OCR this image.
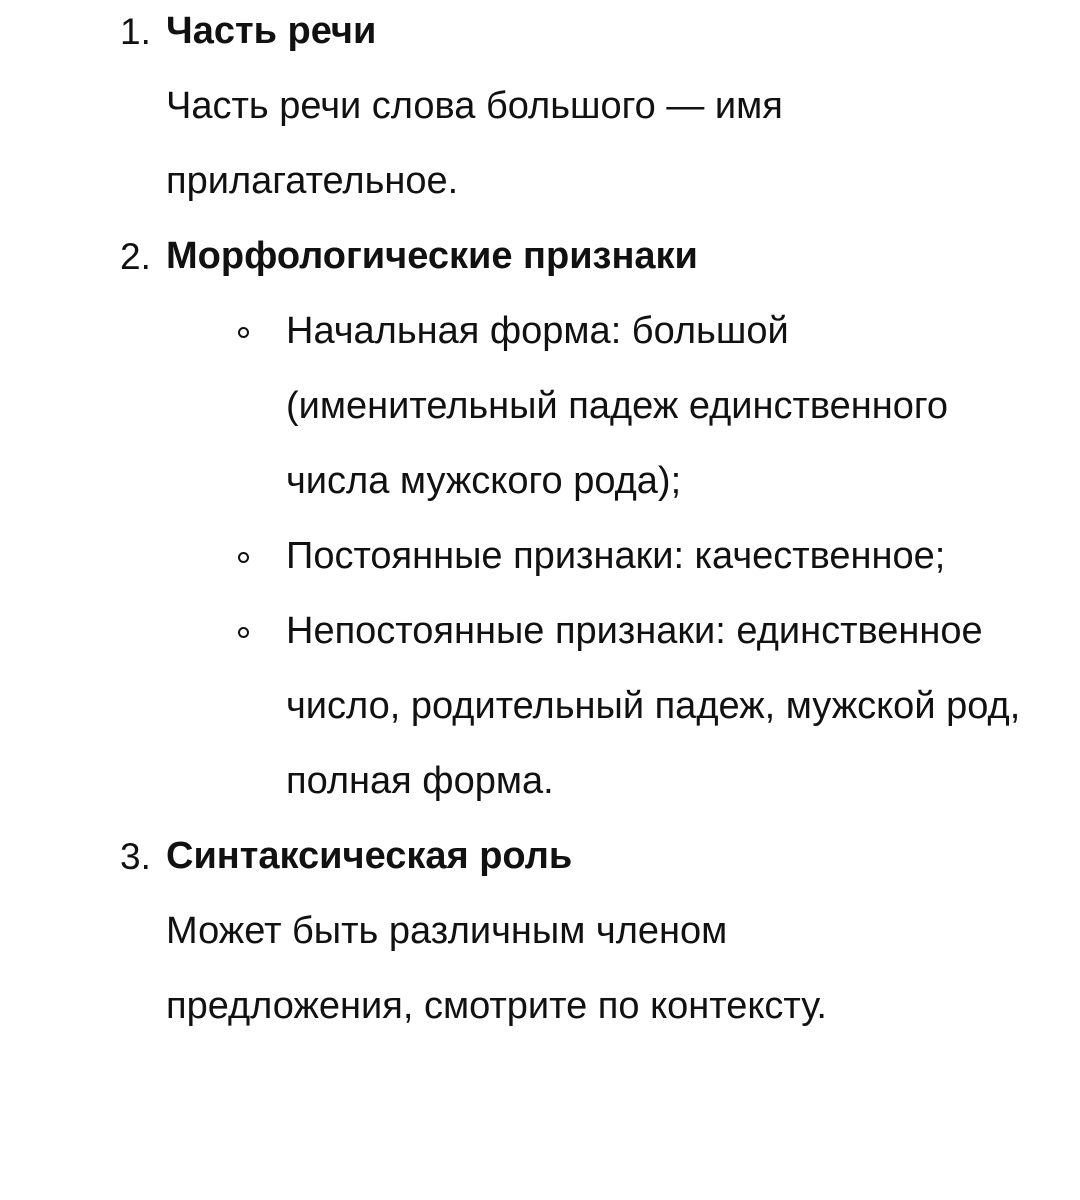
1. Часть речи
Часть речи слова большого — имя прилагательное.
2. Морфологические признаки
Начальная форма: большой (именительный падеж единственного числа мужского рода);
Постоянные признаки: качественное;
Непостоянные признаки: единственное число, родительный падеж, мужской род, полная форма.
3. Синтаксическая роль
Может быть различным членом предложения, смотрите по контексту.
